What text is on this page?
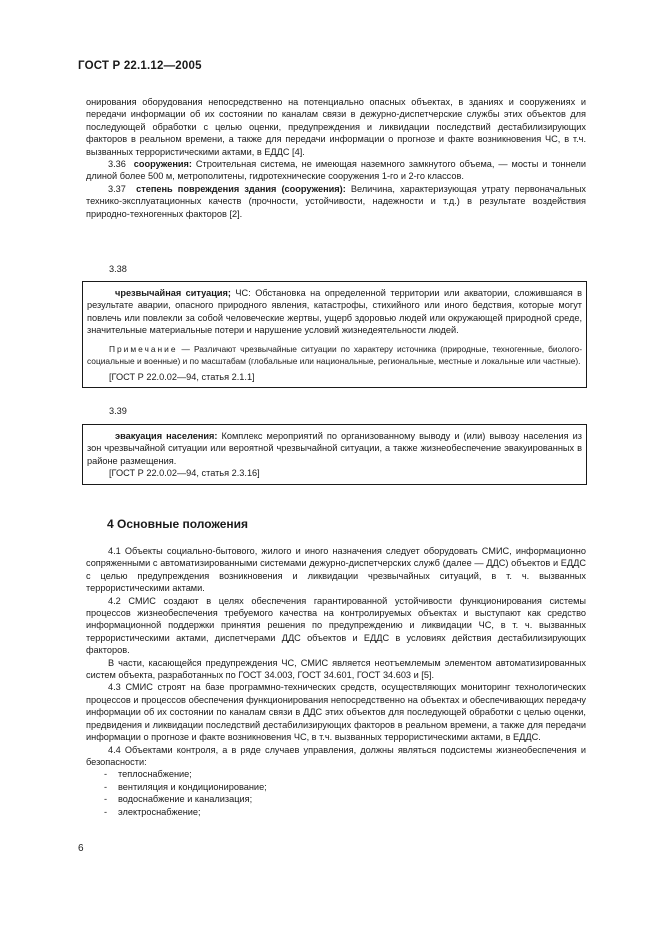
ГОСТ Р 22.1.12—2005

онирования оборудования непосредственно на потенциально опасных объектах, в зданиях и сооружениях и передачи информации об их состоянии по каналам связи в дежурно-диспетчерские службы этих объектов для последующей обработки с целью оценки, предупреждения и ликвидации последствий дестабилизирующих факторов в реальном времени, а также для передачи информации о прогнозе и факте возникновения ЧС, в т.ч. вызванных террористическими актами, в ЕДДС [4].

3.36 сооружения: Строительная система, не имеющая наземного замкнутого объема, — мосты и тоннели длиной более 500 м, метрополитены, гидротехнические сооружения 1-го и 2-го классов.

3.37 степень повреждения здания (сооружения): Величина, характеризующая утрату первоначальных технико-эксплуатационных качеств (прочности, устойчивости, надежности и т.д.) в результате воздействия природно-техногенных факторов [2].

3.38

чрезвычайная ситуация; ЧС: Обстановка на определенной территории или акватории, сложившаяся в результате аварии, опасного природного явления, катастрофы, стихийного или иного бедствия, которые могут повлечь или повлекли за собой человеческие жертвы, ущерб здоровью людей или окружающей природной среде, значительные материальные потери и нарушение условий жизнедеятельности людей.

Примечание — Различают чрезвычайные ситуации по характеру источника (природные, техногенные, биолого-социальные и военные) и по масштабам (глобальные или национальные, региональные, местные и локальные или частные).

[ГОСТ Р 22.0.02—94, статья 2.1.1]

3.39

эвакуация населения: Комплекс мероприятий по организованному выводу и (или) вывозу населения из зон чрезвычайной ситуации или вероятной чрезвычайной ситуации, а также жизнеобеспечение эвакуированных в районе размещения.

[ГОСТ Р 22.0.02—94, статья 2.3.16]

4 Основные положения

4.1 Объекты социально-бытового, жилого и иного назначения следует оборудовать СМИС, информационно сопряженными с автоматизированными системами дежурно-диспетчерских служб (далее — ДДС) объектов и ЕДДС с целью предупреждения возникновения и ликвидации чрезвычайных ситуаций, в т. ч. вызванных террористическими актами.

4.2 СМИС создают в целях обеспечения гарантированной устойчивости функционирования системы процессов жизнеобеспечения требуемого качества на контролируемых объектах и выступают как средство информационной поддержки принятия решения по предупреждению и ликвидации ЧС, в т. ч. вызванных террористическими актами, диспетчерами ДДС объектов и ЕДДС в условиях действия дестабилизирующих факторов.

В части, касающейся предупреждения ЧС, СМИС является неотъемлемым элементом автоматизированных систем объекта, разработанных по ГОСТ 34.003, ГОСТ 34.601, ГОСТ 34.603 и [5].

4.3 СМИС строят на базе программно-технических средств, осуществляющих мониторинг технологических процессов и процессов обеспечения функционирования непосредственно на объектах и обеспечивающих передачу информации об их состоянии по каналам связи в ДДС этих объектов для последующей обработки с целью оценки, предвидения и ликвидации последствий дестабилизирующих факторов в реальном времени, а также для передачи информации о прогнозе и факте возникновения ЧС, в т.ч. вызванных террористическими актами, в ЕДДС.

4.4 Объектами контроля, а в ряде случаев управления, должны являться подсистемы жизнеобеспечения и безопасности:

- теплоснабжение;
- вентиляция и кондиционирование;
- водоснабжение и канализация;
- электроснабжение;
6
